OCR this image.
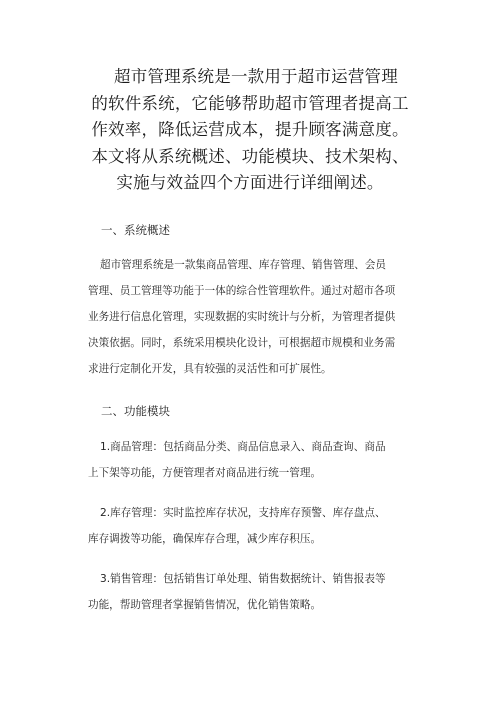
超市管理系统是一款用于超市运营管理
的软件系统，它能够帮助超市管理者提高工
作效率，降低运营成本，提升顾客满意度。
本文将从系统概述、功能模块、技术架构、
实施与效益四个方面进行详细阐述。
一、系统概述
超市管理系统是一款集商品管理、库存管理、销售管理、会员
管理、员工管理等功能于一体的综合性管理软件。通过对超市各项
业务进行信息化管理，实现数据的实时统计与分析，为管理者提供
决策依据。同时，系统采用模块化设计，可根据超市规模和业务需
求进行定制化开发，具有较强的灵活性和可扩展性。
二、功能模块
1.商品管理：包括商品分类、商品信息录入、商品查询、商品
上下架等功能，方便管理者对商品进行统一管理。
2.库存管理：实时监控库存状况，支持库存预警、库存盘点、
库存调拨等功能，确保库存合理，减少库存积压。
3.销售管理：包括销售订单处理、销售数据统计、销售报表等
功能，帮助管理者掌握销售情况，优化销售策略。
